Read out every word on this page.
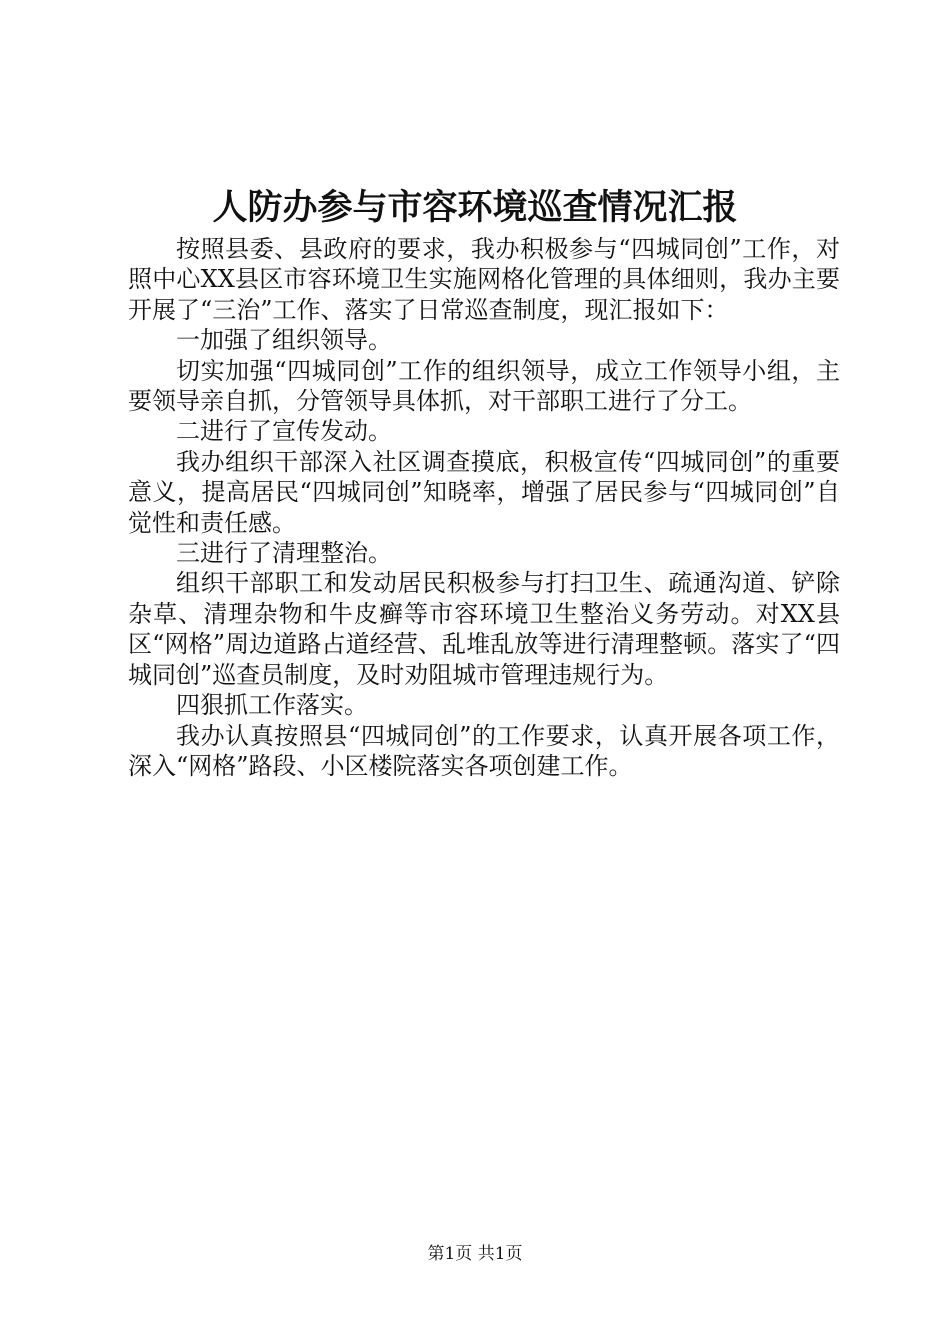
人防办参与市容环境巡查情况汇报

按照县委、县政府的要求，我办积极参与“四城同创”工作，对照中心XX县区市容环境卫生实施网格化管理的具体细则，我办主要开展了“三治”工作、落实了日常巡查制度，现汇报如下：

一加强了组织领导。

切实加强“四城同创”工作的组织领导，成立工作领导小组，主要领导亲自抓，分管领导具体抓，对干部职工进行了分工。

二进行了宣传发动。

我办组织干部深入社区调查摸底，积极宣传“四城同创”的重要意义，提高居民“四城同创”知晓率，增强了居民参与“四城同创”自觉性和责任感。

三进行了清理整治。

组织干部职工和发动居民积极参与打扫卫生、疏通沟道、铲除杂草、清理杂物和牛皮癣等市容环境卫生整治义务劳动。对XX县区“网格”周边道路占道经营、乱堆乱放等进行清理整顿。落实了“四城同创”巡查员制度，及时劝阻城市管理违规行为。

四狠抓工作落实。

我办认真按照县“四城同创”的工作要求，认真开展各项工作，深入“网格”路段、小区楼院落实各项创建工作。

第1页 共1页
